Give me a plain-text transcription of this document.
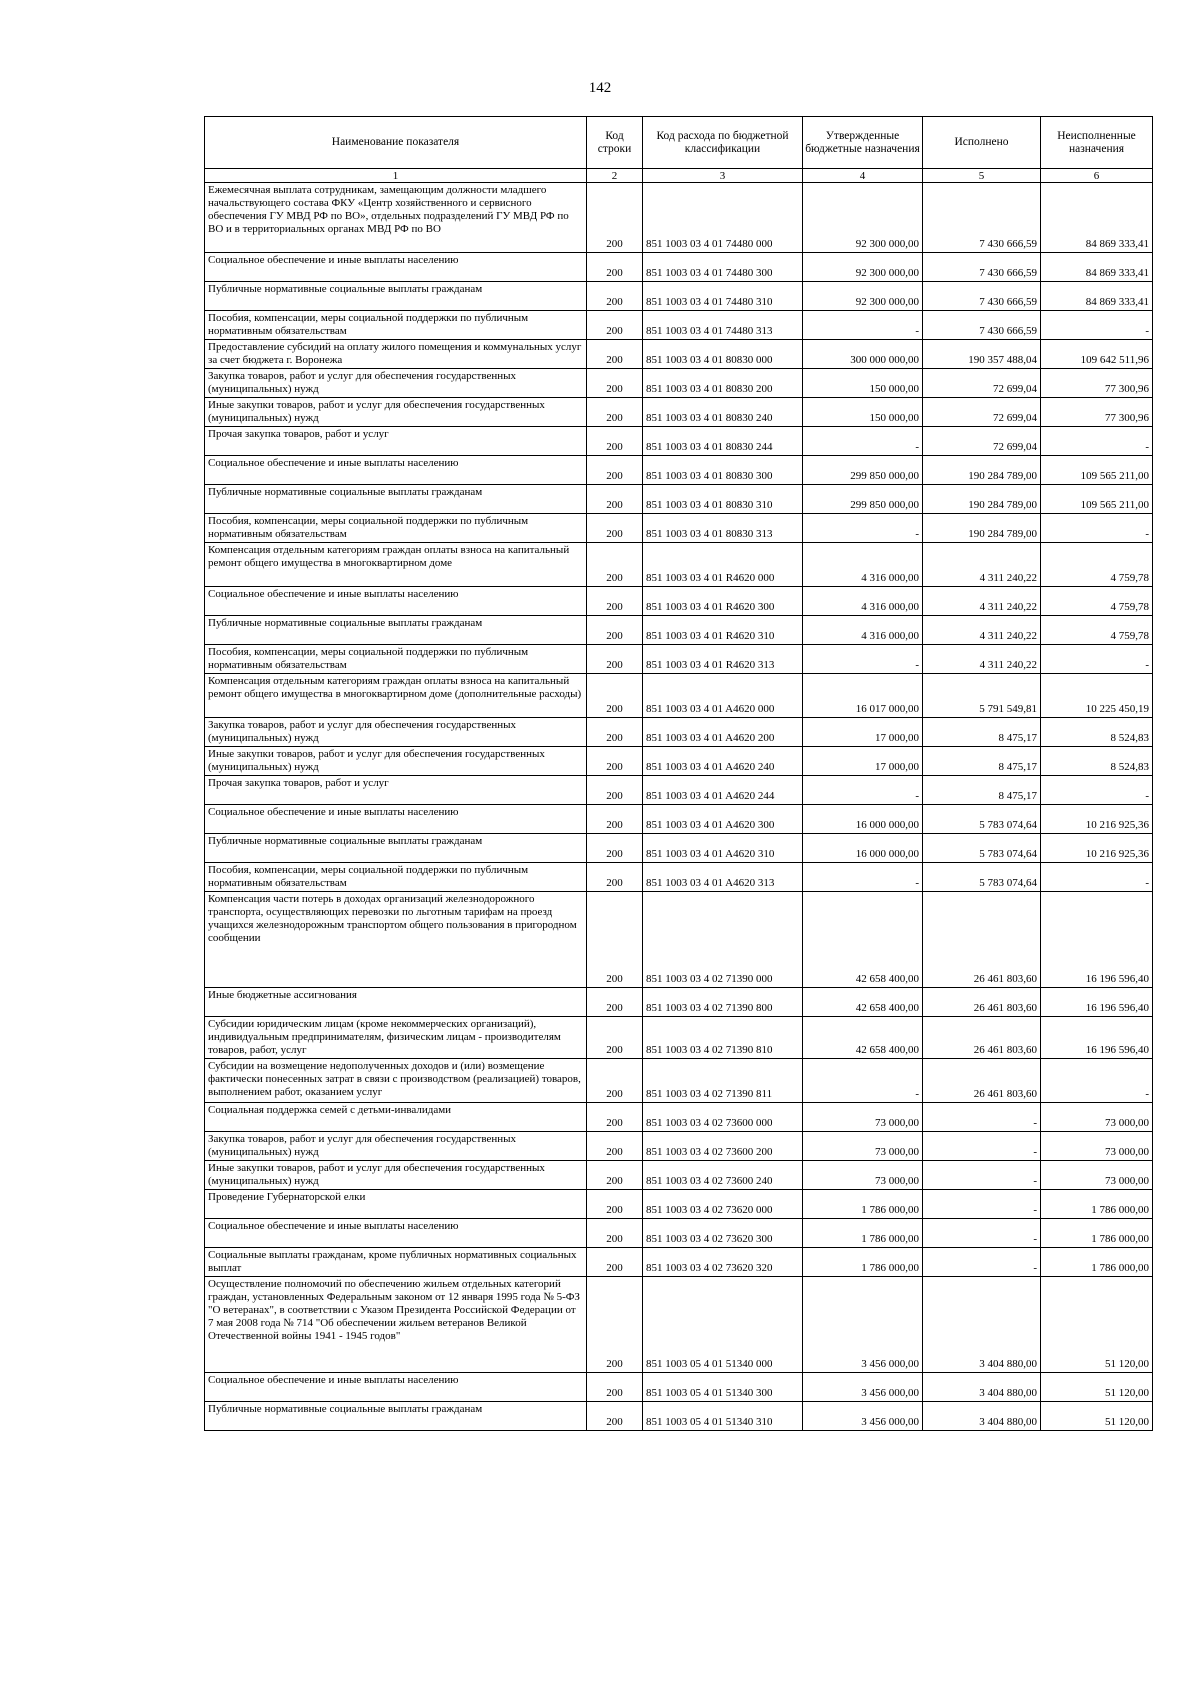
142
Наименование показателя	Код строки	Код расхода по бюджетной классификации	Утвержденные бюджетные назначения	Исполнено	Неисполненные назначения
1	2	3	4	5	6
Ежемесячная выплата сотрудникам, замещающим должности младшего начальствующего состава ФКУ «Центр хозяйственного и сервисного обеспечения ГУ МВД РФ по ВО», отдельных подразделений ГУ МВД РФ по ВО и в территориальных органах МВД РФ по ВО	200	851 1003 03 4 01 74480 000	92 300 000,00	7 430 666,59	84 869 333,41
Социальное обеспечение и иные выплаты населению	200	851 1003 03 4 01 74480 300	92 300 000,00	7 430 666,59	84 869 333,41
Публичные нормативные социальные выплаты гражданам	200	851 1003 03 4 01 74480 310	92 300 000,00	7 430 666,59	84 869 333,41
Пособия, компенсации, меры социальной поддержки по публичным нормативным обязательствам	200	851 1003 03 4 01 74480 313	-	7 430 666,59	-
Предоставление субсидий на оплату жилого помещения и коммунальных услуг за счет бюджета г. Воронежа	200	851 1003 03 4 01 80830 000	300 000 000,00	190 357 488,04	109 642 511,96
Закупка товаров, работ и услуг для обеспечения государственных (муниципальных) нужд	200	851 1003 03 4 01 80830 200	150 000,00	72 699,04	77 300,96
Иные закупки товаров, работ и услуг для обеспечения государственных (муниципальных) нужд	200	851 1003 03 4 01 80830 240	150 000,00	72 699,04	77 300,96
Прочая закупка товаров, работ и услуг	200	851 1003 03 4 01 80830 244	-	72 699,04	-
Социальное обеспечение и иные выплаты населению	200	851 1003 03 4 01 80830 300	299 850 000,00	190 284 789,00	109 565 211,00
Публичные нормативные социальные выплаты гражданам	200	851 1003 03 4 01 80830 310	299 850 000,00	190 284 789,00	109 565 211,00
Пособия, компенсации, меры социальной поддержки по публичным нормативным обязательствам	200	851 1003 03 4 01 80830 313	-	190 284 789,00	-
Компенсация отдельным категориям граждан оплаты взноса на капитальный ремонт общего имущества в многоквартирном доме	200	851 1003 03 4 01 R4620 000	4 316 000,00	4 311 240,22	4 759,78
Социальное обеспечение и иные выплаты населению	200	851 1003 03 4 01 R4620 300	4 316 000,00	4 311 240,22	4 759,78
Публичные нормативные социальные выплаты гражданам	200	851 1003 03 4 01 R4620 310	4 316 000,00	4 311 240,22	4 759,78
Пособия, компенсации, меры социальной поддержки по публичным нормативным обязательствам	200	851 1003 03 4 01 R4620 313	-	4 311 240,22	-
Компенсация отдельным категориям граждан оплаты взноса на капитальный ремонт общего имущества в многоквартирном доме (дополнительные расходы)	200	851 1003 03 4 01 A4620 000	16 017 000,00	5 791 549,81	10 225 450,19
Закупка товаров, работ и услуг для обеспечения государственных (муниципальных) нужд	200	851 1003 03 4 01 A4620 200	17 000,00	8 475,17	8 524,83
Иные закупки товаров, работ и услуг для обеспечения государственных (муниципальных) нужд	200	851 1003 03 4 01 A4620 240	17 000,00	8 475,17	8 524,83
Прочая закупка товаров, работ и услуг	200	851 1003 03 4 01 A4620 244	-	8 475,17	-
Социальное обеспечение и иные выплаты населению	200	851 1003 03 4 01 A4620 300	16 000 000,00	5 783 074,64	10 216 925,36
Публичные нормативные социальные выплаты гражданам	200	851 1003 03 4 01 A4620 310	16 000 000,00	5 783 074,64	10 216 925,36
Пособия, компенсации, меры социальной поддержки по публичным нормативным обязательствам	200	851 1003 03 4 01 A4620 313	-	5 783 074,64	-
Компенсация части потерь в доходах организаций железнодорожного транспорта, осуществляющих перевозки по льготным тарифам на проезд учащихся железнодорожным транспортом общего пользования в пригородном сообщении	200	851 1003 03 4 02 71390 000	42 658 400,00	26 461 803,60	16 196 596,40
Иные бюджетные ассигнования	200	851 1003 03 4 02 71390 800	42 658 400,00	26 461 803,60	16 196 596,40
Субсидии юридическим лицам (кроме некоммерческих организаций), индивидуальным предпринимателям, физическим лицам - производителям товаров, работ, услуг	200	851 1003 03 4 02 71390 810	42 658 400,00	26 461 803,60	16 196 596,40
Субсидии на возмещение недополученных доходов и (или) возмещение фактически понесенных затрат в связи с производством (реализацией) товаров, выполнением работ, оказанием услуг	200	851 1003 03 4 02 71390 811	-	26 461 803,60	-
Социальная поддержка семей с детьми-инвалидами	200	851 1003 03 4 02 73600 000	73 000,00	-	73 000,00
Закупка товаров, работ и услуг для обеспечения государственных (муниципальных) нужд	200	851 1003 03 4 02 73600 200	73 000,00	-	73 000,00
Иные закупки товаров, работ и услуг для обеспечения государственных (муниципальных) нужд	200	851 1003 03 4 02 73600 240	73 000,00	-	73 000,00
Проведение Губернаторской елки	200	851 1003 03 4 02 73620 000	1 786 000,00	-	1 786 000,00
Социальное обеспечение и иные выплаты населению	200	851 1003 03 4 02 73620 300	1 786 000,00	-	1 786 000,00
Социальные выплаты гражданам, кроме публичных нормативных социальных выплат	200	851 1003 03 4 02 73620 320	1 786 000,00	-	1 786 000,00
Осуществление полномочий по обеспечению жильем отдельных категорий граждан, установленных Федеральным законом от 12 января 1995 года № 5-ФЗ "О ветеранах", в соответствии с Указом Президента Российской Федерации от 7 мая 2008 года № 714 "Об обеспечении жильем ветеранов Великой Отечественной войны 1941 - 1945 годов"	200	851 1003 05 4 01 51340 000	3 456 000,00	3 404 880,00	51 120,00
Социальное обеспечение и иные выплаты населению	200	851 1003 05 4 01 51340 300	3 456 000,00	3 404 880,00	51 120,00
Публичные нормативные социальные выплаты гражданам	200	851 1003 05 4 01 51340 310	3 456 000,00	3 404 880,00	51 120,00
